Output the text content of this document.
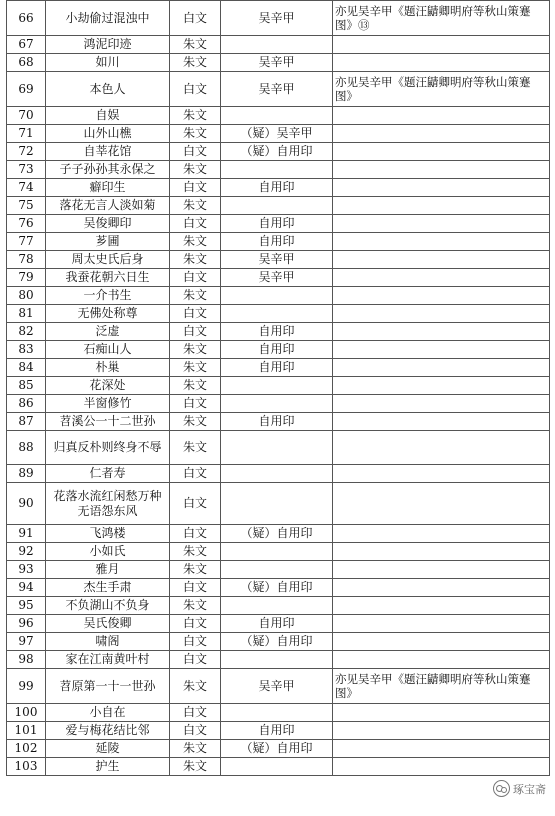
66	小劫偷过混浊中	白文	吴辛甲	亦见吴辛甲《题汪鼱卿明府等秋山策蹇图》⑬
67	鸿泥印迹	朱文		
68	如川	朱文	吴辛甲	
69	本色人	白文	吴辛甲	亦见吴辛甲《题汪鼱卿明府等秋山策蹇图》
70	自娱	朱文		
71	山外山樵	朱文	（疑）吴辛甲	
72	自莘花馆	白文	（疑）自用印	
73	子子孙孙其永保之	朱文		
74	癖印生	白文	自用印	
75	落花无言人淡如菊	朱文		
76	吴俊卿印	白文	自用印	
77	芗圃	朱文	自用印	
78	周太史氏后身	朱文	吴辛甲	
79	我蚕花朝六日生	白文	吴辛甲	
80	一介书生	朱文		
81	无佛处称尊	白文		
82	泛虚	白文	自用印	
83	石痴山人	朱文	自用印	
84	朴巢	朱文	自用印	
85	花深处	朱文		
86	半窗修竹	白文		
87	苕溪公一十二世孙	朱文	自用印	
88	归真反朴则终身不辱	朱文		
89	仁者寿	白文		
90	花落水流红闲愁万种无语怨东风	白文		
91	飞鸿楼	白文	（疑）自用印	
92	小如氏	朱文		
93	雅月	朱文		
94	杰生手肃	白文	（疑）自用印	
95	不负湖山不负身	朱文		
96	吴氏俊卿	白文	自用印	
97	啸阁	白文	（疑）自用印	
98	家在江南黄叶村	白文		
99	苕原第一十一世孙	朱文	吴辛甲	亦见吴辛甲《题汪鼱卿明府等秋山策蹇图》
100	小自在	白文		
101	爱与梅花结比邻	白文	自用印	
102	延陵	朱文	（疑）自用印	
103	护生	朱文		
琢宝斋
